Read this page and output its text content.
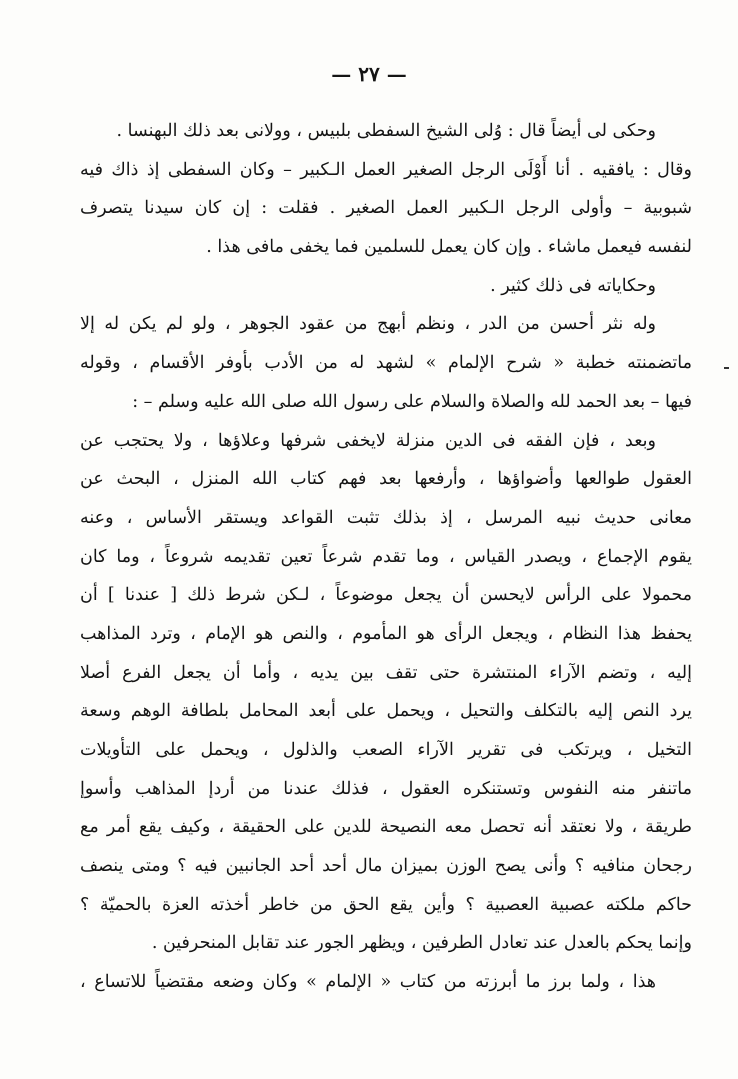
— ٢٧ —
وحكى لى أيضاً قال : وُلى الشيخ السفطى بلبيس ، وولانى بعد ذلك البهنسا .
وقال : يافقيه . أنا أَوْلَى الرجل الصغير العمل الـكبير – وكان السفطى إذ ذاك فيه
شبوبية – وأولى الرجل الـكبير العمل الصغير . فقلت : إن كان سيدنا يتصرف
لنفسه فيعمل ماشاء . وإن كان يعمل للسلمين فما يخفى مافى هذا .
وحكاياته فى ذلك كثير .
وله نثر أحسن من الدر ، ونظم أبهج من عقود الجوهر ، ولو لم يكن له إلا
ماتضمنته خطبة « شرح الإلمام » لشهد له من الأدب بأوفر الأقسام ، وقوله
فيها – بعد الحمد لله والصلاة والسلام على رسول الله صلى الله عليه وسلم – :
وبعد ، فإن الفقه فى الدين منزلة لايخفى شرفها وعلاؤها ، ولا يحتجب عن
العقول طوالعها وأضواؤها ، وأرفعها بعد فهم كتاب الله المنزل ، البحث عن
معانى حديث نبيه المرسل ، إذ بذلك تثبت القواعد ويستقر الأساس ، وعنه
يقوم الإجماع ، ويصدر القياس ، وما تقدم شرعاً تعين تقديمه شروعاً ، وما كان
محمولا على الرأس لايحسن أن يجعل موضوعاً ، لـكن شرط ذلك [ عندنا ] أن
يحفظ هذا النظام ، ويجعل الرأى هو المأموم ، والنص هو الإمام ، وترد المذاهب
إليه ، وتضم الآراء المنتشرة حتى تقف بين يديه ، وأما أن يجعل الفرع أصلا
يرد النص إليه بالتكلف والتحيل ، ويحمل على أبعد المحامل بلطافة الوهم وسعة
التخيل ، ويرتكب فى تقرير الآراء الصعب والذلول ، ويحمل على التأويلات
ماتنفر منه النفوس وتستنكره العقول ، فذلك عندنا من أردإ المذاهب وأسوإ
طريقة ، ولا نعتقد أنه تحصل معه النصيحة للدين على الحقيقة ، وكيف يقع أمر مع
رجحان منافيه ؟ وأنى يصح الوزن بميزان مال أحد أحد الجانبين فيه ؟ ومتى ينصف
حاكم ملكته عصبية العصبية ؟ وأين يقع الحق من خاطر أخذته العزة بالحميّة ؟
وإنما يحكم بالعدل عند تعادل الطرفين ، ويظهر الجور عند تقابل المنحرفين .
هذا ، ولما برز ما أبرزته من كتاب « الإلمام » وكان وضعه مقتضياً للاتساع ،
